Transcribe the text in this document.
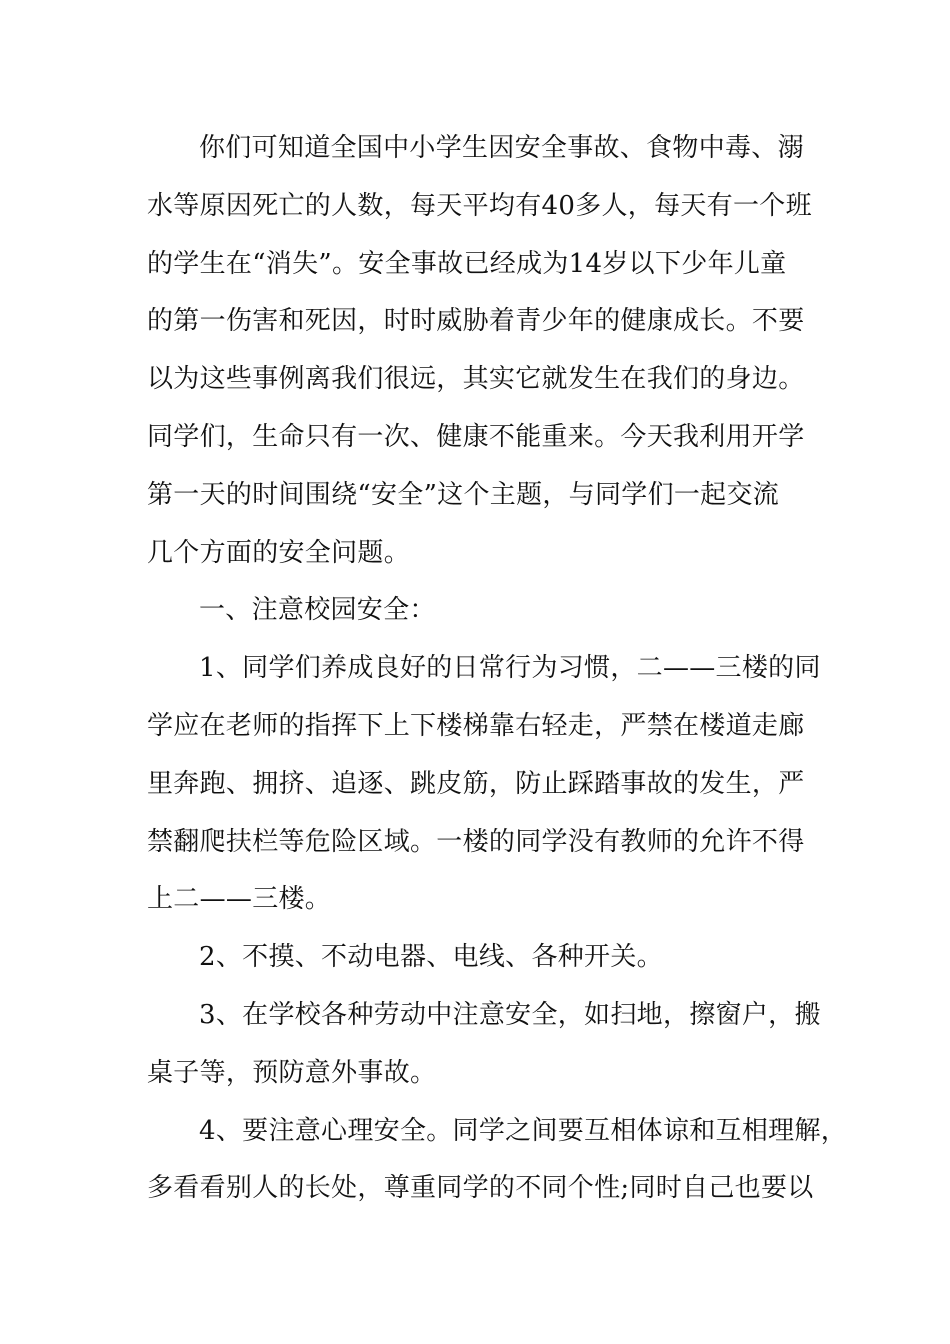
你们可知道全国中小学生因安全事故、食物中毒、溺
水等原因死亡的人数，每天平均有40多人，每天有一个班
的学生在“消失”。安全事故已经成为14岁以下少年儿童
的第一伤害和死因，时时威胁着青少年的健康成长。不要
以为这些事例离我们很远，其实它就发生在我们的身边。
同学们，生命只有一次、健康不能重来。今天我利用开学
第一天的时间围绕“安全”这个主题，与同学们一起交流
几个方面的安全问题。
一、注意校园安全：
1、同学们养成良好的日常行为习惯，二——三楼的同
学应在老师的指挥下上下楼梯靠右轻走，严禁在楼道走廊
里奔跑、拥挤、追逐、跳皮筋，防止踩踏事故的发生，严
禁翻爬扶栏等危险区域。一楼的同学没有教师的允许不得
上二——三楼。
2、不摸、不动电器、电线、各种开关。
3、在学校各种劳动中注意安全，如扫地，擦窗户，搬
桌子等，预防意外事故。
4、要注意心理安全。同学之间要互相体谅和互相理解，
多看看别人的长处，尊重同学的不同个性;同时自己也要以
